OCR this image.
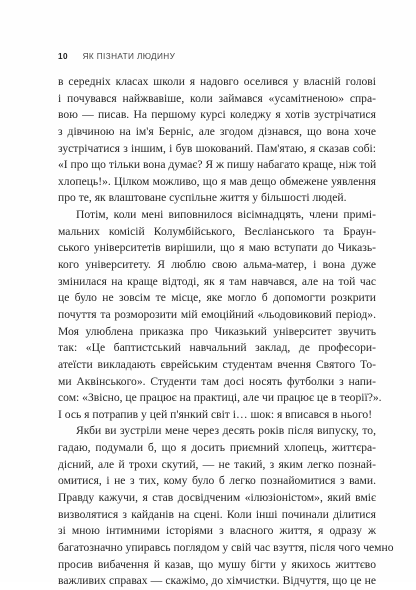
10 ЯК ПІЗНАТИ ЛЮДИНУ
в середніх класах школи я надовго оселився у власній голові
і почувався найжвавіше, коли займався «усамітненою» спра-
вою — писав. На першому курсі коледжу я хотів зустрічатися
з дівчиною на ім'я Берніс, але згодом дізнався, що вона хоче
зустрічатися з іншим, і був шокований. Пам'ятаю, я сказав собі:
«І про що тільки вона думає? Я ж пишу набагато краще, ніж той
хлопець!». Цілком можливо, що я мав дещо обмежене уявлення
про те, як влаштоване суспільне життя у більшості людей.
Потім, коли мені виповнилося вісімнадцять, члени примі-
мальних комісій Колумбійського, Весліанського та Браун-
ського університетів вирішили, що я маю вступати до Чиказь-
кого університету. Я люблю свою альма-матер, і вона дуже
змінилася на краще відтоді, як я там навчався, але на той час
це було не зовсім те місце, яке могло б допомогти розкрити
почуття та розморозити мій емоційний «льодовиковий період».
Моя улюблена приказка про Чиказький університет звучить
так: «Це баптистський навчальний заклад, де професори-
атеїсти викладають єврейським студентам вчення Святого То-
ми Аквінського». Студенти там досі носять футболки з напи-
сом: «Звісно, це працює на практиці, але чи працює це в теорії?».
І ось я потрапив у цей п'янкий світ і… шок: я вписався в нього!
Якби ви зустріли мене через десять років після випуску, то,
гадаю, подумали б, що я досить приємний хлопець, життєра-
дісний, але й трохи скутий, — не такий, з яким легко познай-
омитися, і не з тих, кому було б легко познайомитися з вами.
Правду кажучи, я став досвідченим «ілюзіоністом», який вміє
визволятися з кайданів на сцені. Коли інші починали ділитися
зі мною інтимними історіями з власного життя, я одразу ж
багатозначно упиравсь поглядом у свій час взуття, після чого чемно
просив вибачення й казав, що мушу бігти у якихось життєво
важливих справах — скажімо, до хімчистки. Відчуття, що це не
